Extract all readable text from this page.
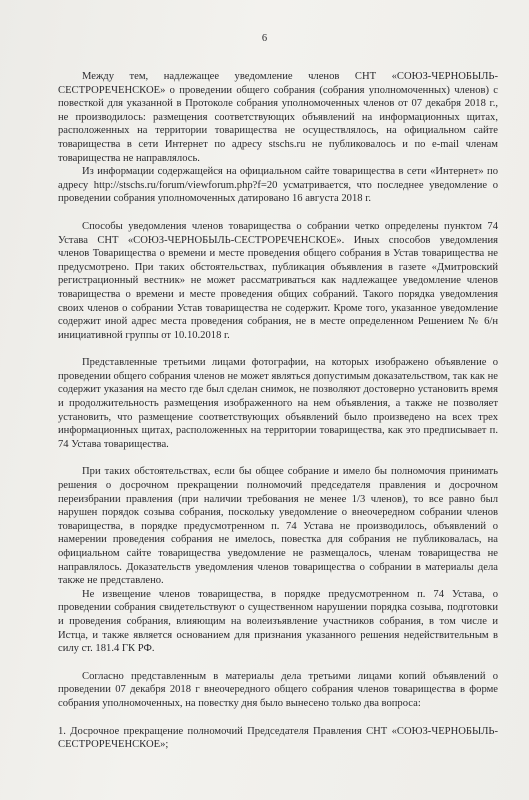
6

Между тем, надлежащее уведомление членов СНТ «СОЮЗ-ЧЕРНОБЫЛЬ-СЕСТРОРЕЧЕНСКОЕ» о проведении общего собрания (собрания уполномоченных) членов) с повесткой для указанной в Протоколе собрания уполномоченных членов от 07 декабря 2018 г., не производилось: размещения соответствующих объявлений на информационных щитах, расположенных на территории товарищества не осуществлялось, на официальном сайте товарищества в сети Интернет по адресу stschs.ru не публиковалось и по e-mail членам товарищества не направлялось.

Из информации содержащейся на официальном сайте товарищества в сети «Интернет» по адресу http://stschs.ru/forum/viewforum.php?f=20 усматривается, что последнее уведомление о проведении собрания уполномоченных датировано 16 августа 2018 г.

Способы уведомления членов товарищества о собрании четко определены пунктом 74 Устава СНТ «СОЮЗ-ЧЕРНОБЫЛЬ-СЕСТРОРЕЧЕНСКОЕ». Иных способов уведомления членов Товарищества о времени и месте проведения общего собрания в Устав товарищества не предусмотрено. При таких обстоятельствах, публикация объявления в газете «Дмитровский регистрационный вестник» не может рассматриваться как надлежащее уведомление членов товарищества о времени и месте проведения общих собраний. Такого порядка уведомления своих членов о собрании Устав товарищества не содержит. Кроме того, указанное уведомление содержит иной адрес места проведения собрания, не в месте определенном Решением № 6/н инициативной группы от 10.10.2018 г.

Представленные третьими лицами фотографии, на которых изображено объявление о проведении общего собрания членов не может являться допустимым доказательством, так как не содержит указания на место где был сделан снимок, не позволяют достоверно установить время и продолжительность размещения изображенного на нем объявления, а также не позволяет установить, что размещение соответствующих объявлений было произведено на всех трех информационных щитах, расположенных на территории товарищества, как это предписывает п. 74 Устава товарищества.

При таких обстоятельствах, если бы общее собрание и имело бы полномочия принимать решения о досрочном прекращении полномочий председателя правления и досрочном переизбрании правления (при наличии требования не менее 1/3 членов), то все равно был нарушен порядок созыва собрания, поскольку уведомление о внеочередном собрании членов товарищества, в порядке предусмотренном п. 74 Устава не производилось, объявлений о намерении проведения собрания не имелось, повестка для собрания не публиковалась, на официальном сайте товарищества уведомление не размещалось, членам товарищества не направлялось. Доказательств уведомления членов товарищества о собрании в материалы дела также не представлено.

Не извещение членов товарищества, в порядке предусмотренном п. 74 Устава, о проведении собрания свидетельствуют о существенном нарушении порядка созыва, подготовки и проведения собрания, влияющим на волеизъявление участников собрания, в том числе и Истца, и также является основанием для признания указанного решения недействительным в силу ст. 181.4 ГК РФ.

Согласно представленным в материалы дела третьими лицами копий объявлений о проведении 07 декабря 2018 г внеочередного общего собрания членов товарищества в форме собрания уполномоченных, на повестку дня было вынесено только два вопроса:

1. Досрочное прекращение полномочий Председателя Правления СНТ «СОЮЗ-ЧЕРНОБЫЛЬ-СЕСТРОРЕЧЕНСКОЕ»;
